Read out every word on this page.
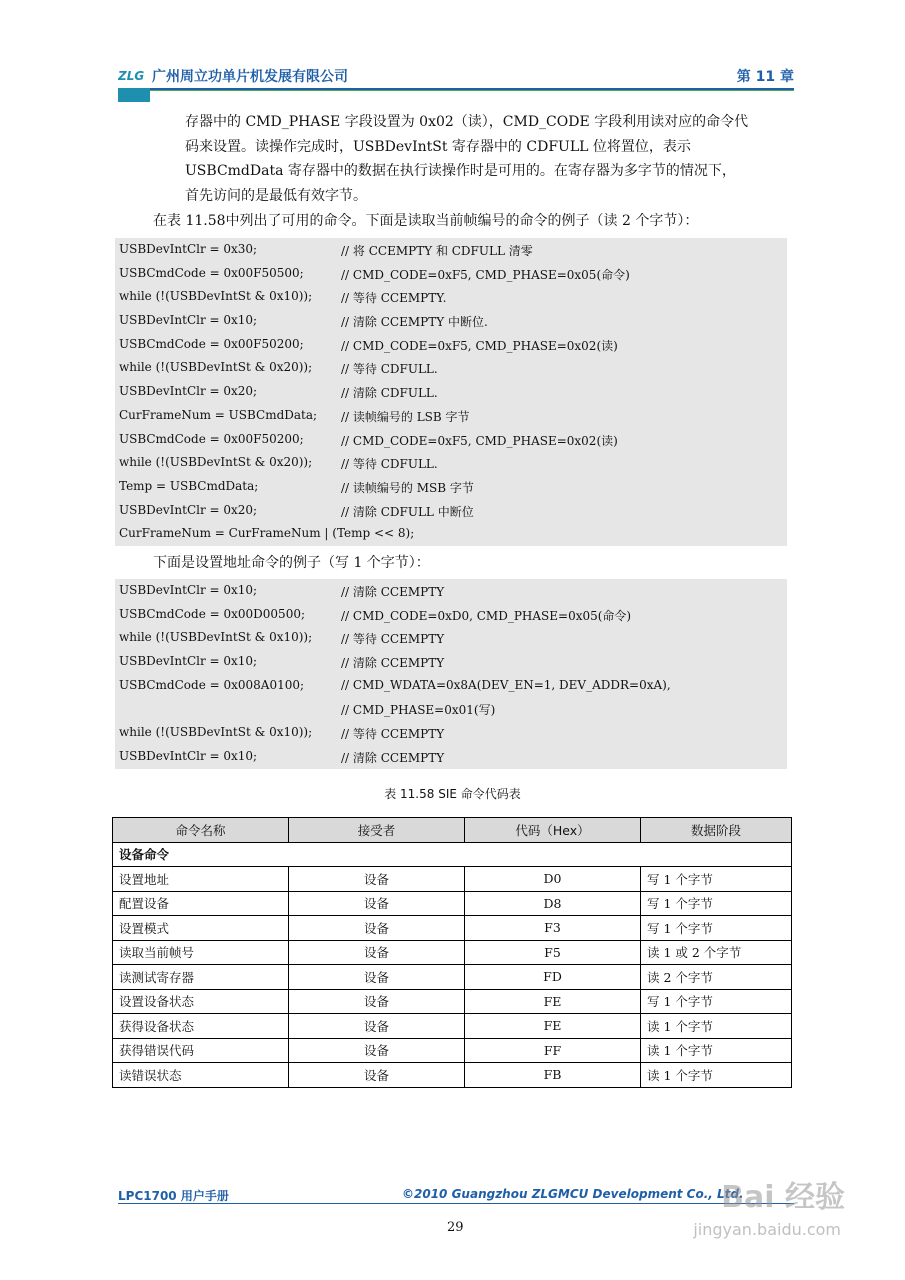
ZLG 广州周立功单片机发展有限公司	第 11 章
存器中的 CMD_PHASE 字段设置为 0x02（读），CMD_CODE 字段利用读对应的命令代
码来设置。读操作完成时，USBDevIntSt 寄存器中的 CDFULL 位将置位，表示
USBCmdData 寄存器中的数据在执行读操作时是可用的。在寄存器为多字节的情况下，
首先访问的是最低有效字节。
在表 11.58中列出了可用的命令。下面是读取当前帧编号的命令的例子（读 2 个字节）：
USBDevIntClr = 0x30;	// 将 CCEMPTY 和 CDFULL 清零
USBCmdCode = 0x00F50500;	// CMD_CODE=0xF5, CMD_PHASE=0x05(命令)
while (!(USBDevIntSt & 0x10)); // 等待 CCEMPTY.
USBDevIntClr = 0x10;	// 清除 CCEMPTY 中断位.
USBCmdCode = 0x00F50200;	// CMD_CODE=0xF5, CMD_PHASE=0x02(读)
while (!(USBDevIntSt & 0x20)); // 等待 CDFULL.
USBDevIntClr = 0x20;	// 清除 CDFULL.
CurFrameNum = USBCmdData; // 读帧编号的 LSB 字节
USBCmdCode = 0x00F50200;	// CMD_CODE=0xF5, CMD_PHASE=0x02(读)
while (!(USBDevIntSt & 0x20)); // 等待 CDFULL.
Temp = USBCmdData;	// 读帧编号的 MSB 字节
USBDevIntClr = 0x20;	// 清除 CDFULL 中断位
CurFrameNum = CurFrameNum | (Temp << 8);
下面是设置地址命令的例子（写 1 个字节）：
USBDevIntClr = 0x10;	// 清除 CCEMPTY
USBCmdCode = 0x00D00500;	// CMD_CODE=0xD0, CMD_PHASE=0x05(命令)
while (!(USBDevIntSt & 0x10)); // 等待 CCEMPTY
USBDevIntClr = 0x10;	// 清除 CCEMPTY
USBCmdCode = 0x008A0100;	// CMD_WDATA=0x8A(DEV_EN=1, DEV_ADDR=0xA),
// CMD_PHASE=0x01(写)
while (!(USBDevIntSt & 0x10)); // 等待 CCEMPTY
USBDevIntClr = 0x10;	// 清除 CCEMPTY
表 11.58 SIE 命令代码表
命令名称	接受者	代码（Hex）	数据阶段
设备命令			
设置地址	设备	D0	写 1 个字节
配置设备	设备	D8	写 1 个字节
设置模式	设备	F3	写 1 个字节
读取当前帧号	设备	F5	读 1 或 2 个字节
读测试寄存器	设备	FD	读 2 个字节
设置设备状态	设备	FE	写 1 个字节
获得设备状态	设备	FE	读 1 个字节
获得错误代码	设备	FF	读 1 个字节
读错误状态	设备	FB	读 1 个字节
LPC1700 用户手册	©2010 Guangzhou ZLGMCU Development Co., Ltd.
29
Bai 经验
jingyan.baidu.com
